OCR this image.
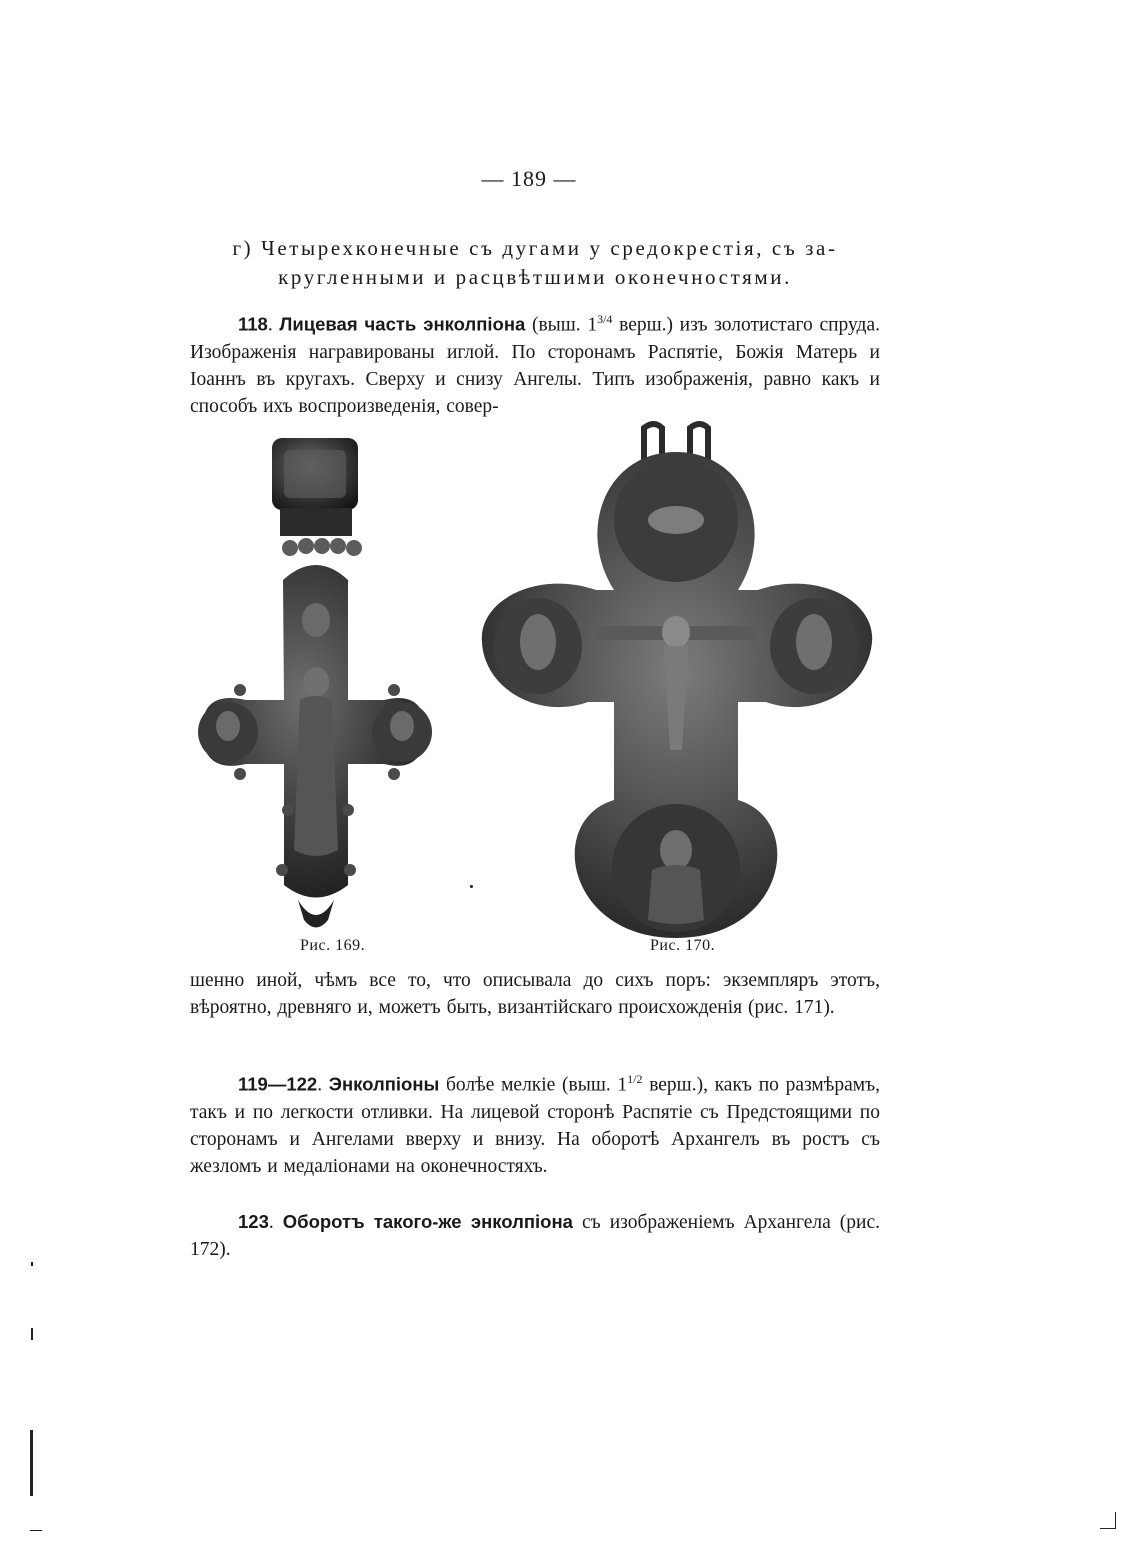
— 189 —
г) Четырехконечные съ дугами у средокрестія, съ за-
кругленными и расцвѣтшими оконечностями.
118. Лицевая часть энколпіона (выш. $1^{3/4}$ верш.) изъ золотистаго спруда. Изображенія награвированы иглой. По сторонамъ Распятіе, Божія Матерь и Іоаннъ въ кругахъ. Сверху и снизу Ангелы. Типъ изображенія, равно какъ и способъ ихъ воспроизведенія, совер-
Рис. 169.	Рис. 170.
шенно иной, чѣмъ все то, что описывала до сихъ поръ: экземпляръ этотъ, вѣроятно, древняго и, можетъ быть, византійскаго происхожденія (рис. 171).
119—122. Энколпіоны болѣе мелкіе (выш. $1^{1/2}$ верш.), какъ по размѣрамъ, такъ и по легкости отливки. На лицевой сторонѣ Распятіе съ Предстоящими по сторонамъ и Ангелами вверху и внизу. На оборотѣ Архангелъ въ ростъ съ жезломъ и медаліонами на оконечностяхъ.
123. Оборотъ такого-же энколпіона съ изображеніемъ Архангела (рис. 172).
